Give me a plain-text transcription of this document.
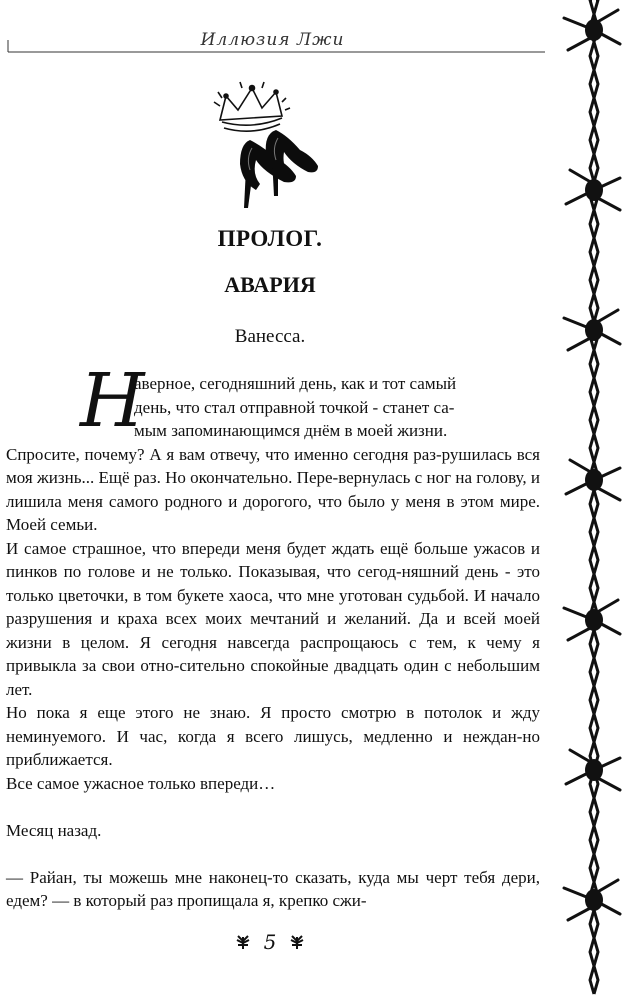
Иллюзия Лжи
ПРОЛОГ.
АВАРИЯ
Ванесса.
Н
аверное, сегодняшний день, как и тот самый
день, что стал отправной точкой - станет са-
мым запоминающимся днём в моей жизни.

Спросите, почему? А я вам отвечу, что именно сегодня раз-рушилась вся моя жизнь... Ещё раз. Но окончательно. Пере-вернулась с ног на голову, и лишила меня самого родного и дорогого, что было у меня в этом мире. Моей семьи.

И самое страшное, что впереди меня будет ждать ещё больше ужасов и пинков по голове и не только. Показывая, что сегод-няшний день - это только цветочки, в том букете хаоса, что мне уготован судьбой. И начало разрушения и краха всех моих мечтаний и желаний. Да и всей моей жизни в целом. Я сегодня навсегда распрощаюсь с тем, к чему я привыкла за свои отно-сительно спокойные двадцать один с небольшим лет.

Но пока я еще этого не знаю. Я просто смотрю в потолок и жду неминуемого. И час, когда я всего лишусь, медленно и неждан-но приближается.

Все самое ужасное только впереди…

Месяц назад.

— Райан, ты можешь мне наконец-то сказать, куда мы черт тебя дери, едем? — в который раз пропищала я, крепко сжи-

5
